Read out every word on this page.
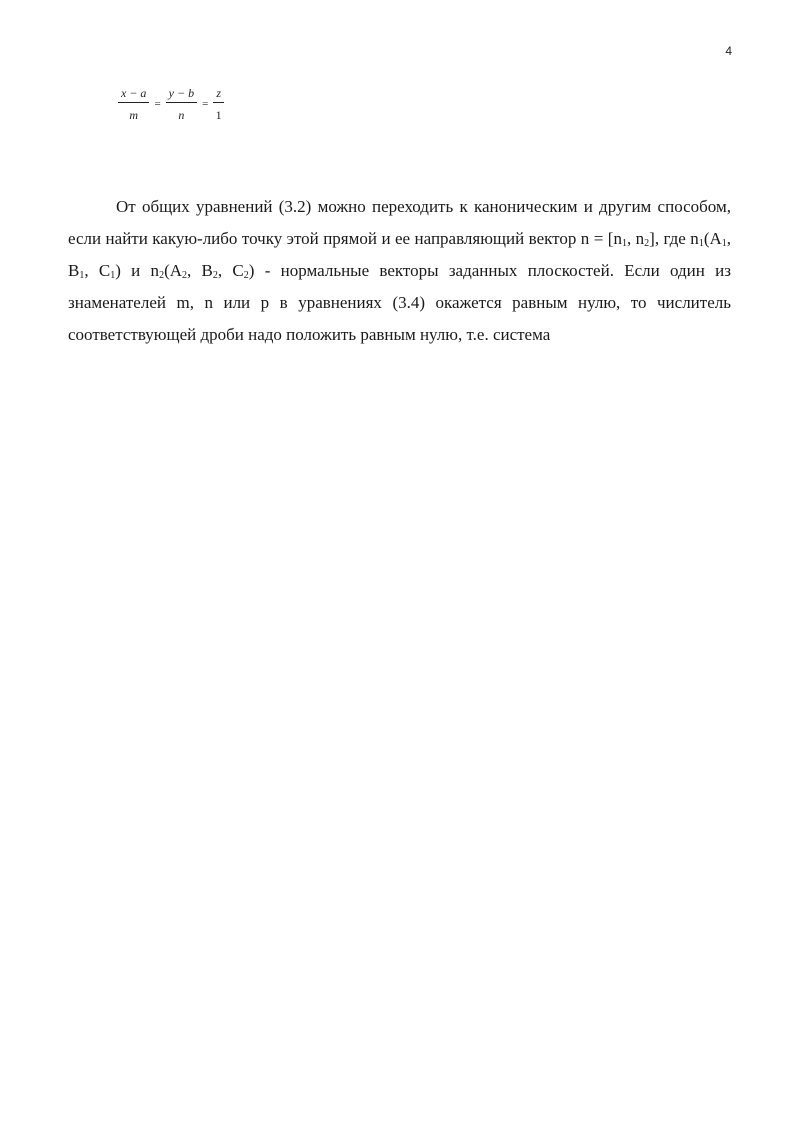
4
$\frac{x - a}{m} = \frac{y - b}{n} = \frac{z}{1}$

От общих уравнений (3.2) можно переходить к каноническим и другим способом, если найти какую-либо точку этой прямой и ее направляющий вектор $n = [n_1$, $n_2$], где $n_1(A_1$, $B_1$, $C_1$) и $n_2(A_2$, $B_2$, $C_2$) - нормальные векторы заданных плоскостей. Если один из знаменателей m, n или p в уравнениях (3.4) окажется равным нулю, то числитель соответствующей дроби надо положить равным нулю, т.е. система
